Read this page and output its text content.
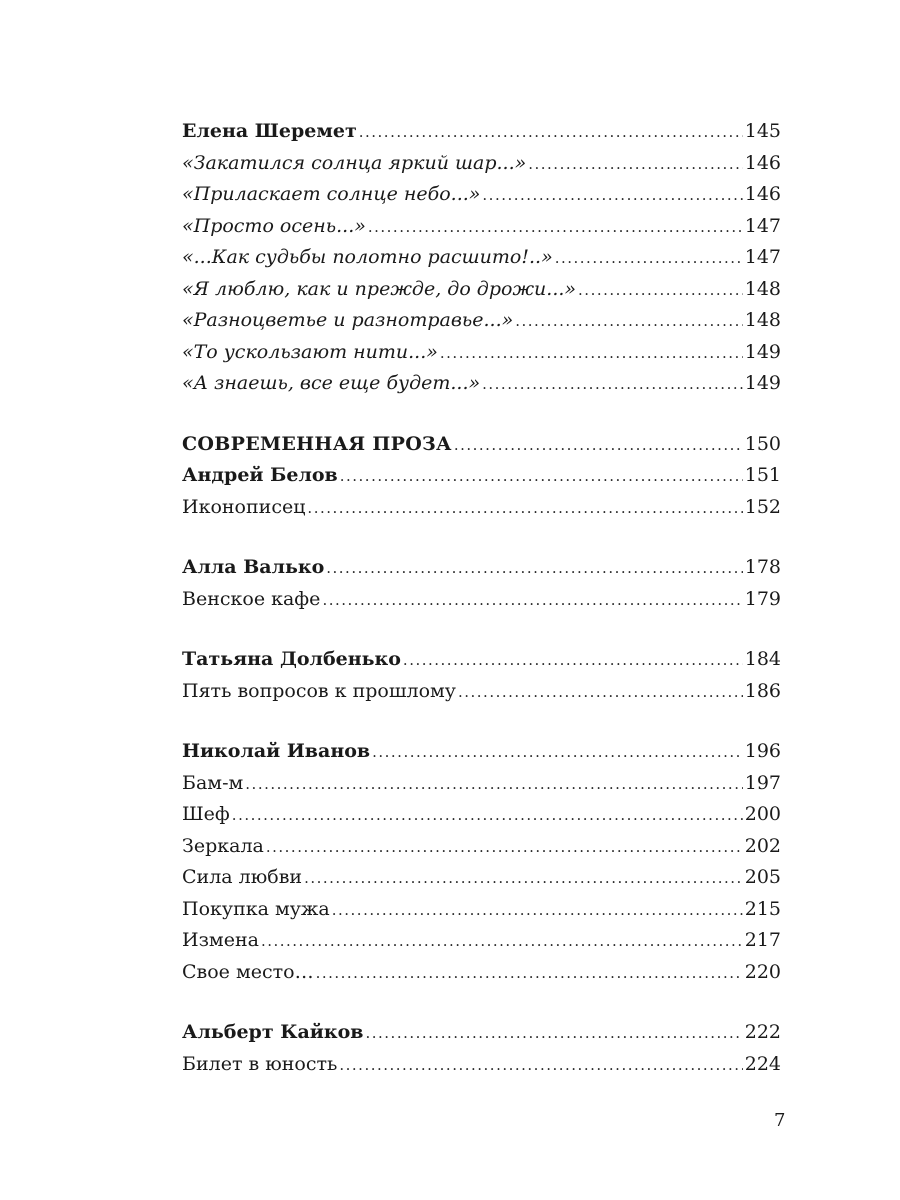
Елена Шеремет .....	145
«Закатился солнца яркий шар...» .....	146
«Приласкает солнце небо...» .....	146
«Просто осень...» .....	147
«...Как судьбы полотно расшито!..» .....	147
«Я люблю, как и прежде, до дрожи...» .....	148
«Разноцветье и разнотравье...» .....	148
«То ускользают нити...» .....	149
«А знаешь, все еще будет...» .....	149
СОВРЕМЕННАЯ ПРОЗА .....	150
Андрей Белов .....	151
Иконописец .....	152
Алла Валько .....	178
Венское кафе .....	179
Татьяна Долбенько .....	184
Пять вопросов к прошлому .....	186
Николай Иванов .....	196
Бам-м .....	197
Шеф .....	200
Зеркала .....	202
Сила любви .....	205
Покупка мужа .....	215
Измена .....	217
Свое место… .....	220
Альберт Кайков .....	222
Билет в юность .....	224
7
